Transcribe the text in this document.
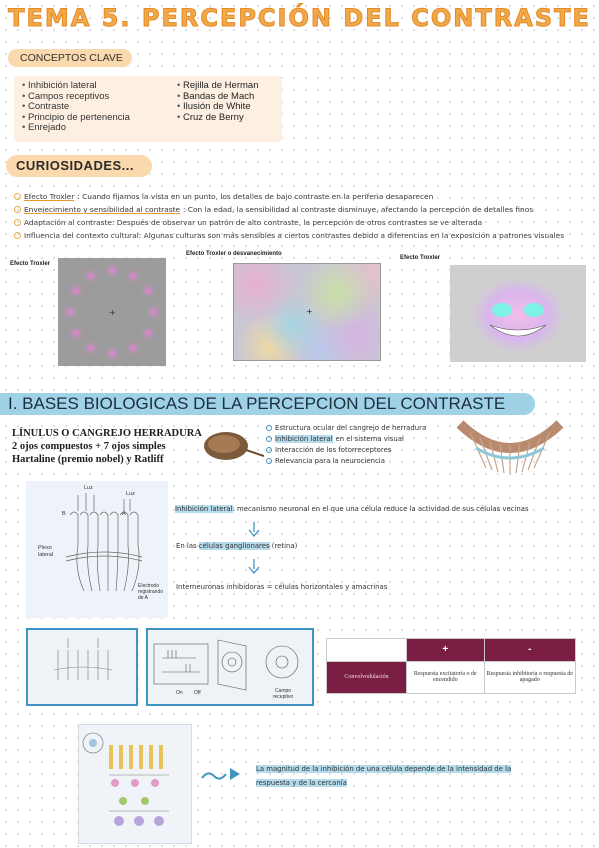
TEMA 5. PERCEPCIÓN DEL CONTRASTE
CONCEPTOS CLAVE
• Inhibición lateral
• Campos receptivos
• Contraste
• Principio de pertenencia
• Enrejado
• Rejilla de Herman
• Bandas de Mach
• Ilusión de White
• Cruz de Berny
CURIOSIDADES...
Efecto Troxler : Cuando fijamos la vista en un punto, los detalles de bajo contraste en la periferia desaparecen
Envejecimiento y sensibilidad al contraste : Con la edad, la sensibilidad al contraste disminuye, afectando la percepción de detalles finos
Adaptación al contraste: Después de observar un patrón de alto contraste, la percepción de otros contrastes se ve alterada
Influencia del contexto cultural: Algunas culturas son más sensibles a ciertos contrastes debido a diferencias en la exposición a patrones visuales
Efecto Troxler
+
Efecto Troxler o desvanecimiento
+
Efecto Troxler
I. BASES BIOLOGICAS DE LA PERCEPCION DEL CONTRASTE
LÍNULUS O CANGREJO HERRADURA
2 ojos compuestos + 7 ojos simples
Hartaline (premio nobel) y Ratliff
Estructura ocular del cangrejo de herradura
Inhibición lateral en el sistema visual
Interacción de los fotorreceptores
Relevancia para la neurociencia
Luz
Luz
B	A
Plexo lateral
Electrodo registrando de A
Inhibición lateral: mecanismo neuronal en el que una célula reduce la actividad de sus células vecinas
En las células ganglionares (retina)
Interneuronas inhibidoras = células horizontales y amacrinas
On Off	Campo receptivo
	+	-
Convolvodulación	Respuesta excitatoria o de encendido	Respuesta inhibitoria o respuesta de apagado
La magnitud de la inhibición de una célula depende de la intensidad de la
respuesta y de la cercanía
